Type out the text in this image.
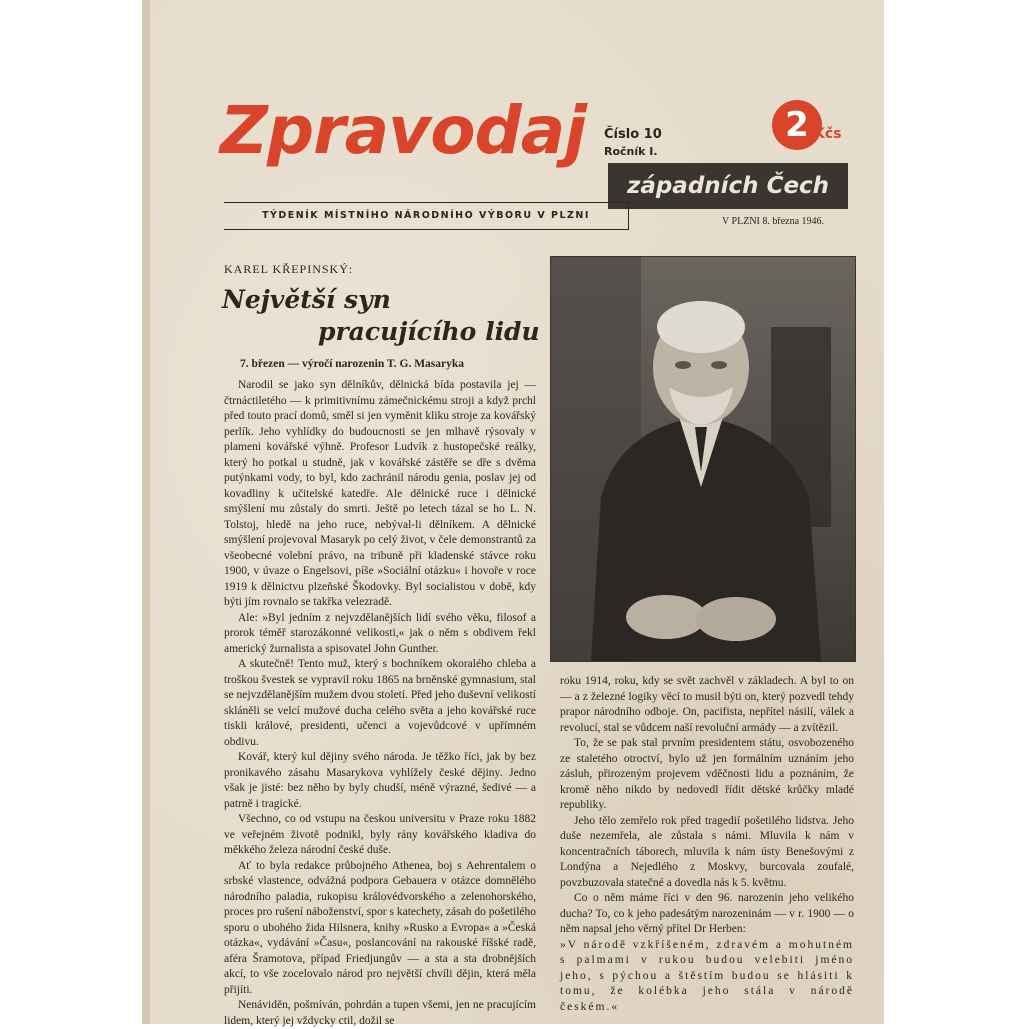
Zpravodaj Číslo 10
Ročník I.
2 Kčs
západních Čech
TÝDENÍK MÍSTNÍHO NÁRODNÍHO VÝBORU V PLZNI
V PLZNI 8. března 1946.
KAREL KŘEPINSKÝ:
Největší syn
pracujícího lidu
7. březen — výročí narozenin T. G. Masaryka

Narodil se jako syn dělníkův, dělnická bída postavila jej — čtrnáctiletého — k primitivnímu zámečnickému stroji a když prchl před touto prací domů, směl si jen vyměnit kliku stroje za kovářský perlík. Jeho vyhlídky do budoucnosti se jen mlhavě rýsovaly v plameni kovářské výhně. Profesor Ludvík z hustopečské reálky, který ho potkal u studně, jak v kovářské zástěře se dře s dvěma putýnkami vody, to byl, kdo zachránil národu genia, poslav jej od kovadliny k učitelské katedře. Ale dělnické ruce i dělnické smýšlení mu zůstaly do smrti. Ještě po letech tázal se ho L. N. Tolstoj, hledě na jeho ruce, nebýval-li dělníkem. A dělnické smýšlení projevoval Masaryk po celý život, v čele demonstrantů za všeobecné volební právo, na tribuně při kladenské stávce roku 1900, v úvaze o Engelsovi, píše »Sociální otázku« i hovoře v roce 1919 k dělnictvu plzeňské Škodovky. Byl socialistou v době, kdy býti jím rovnalo se takřka velezradě.

Ale: »Byl jedním z nejvzdělanějších lidí svého věku, filosof a prorok téměř starozákonné velikosti,« jak o něm s obdivem řekl americký žurnalista a spisovatel John Gunther.

A skutečně! Tento muž, který s bochníkem okoralého chleba a troškou švestek se vypravil roku 1865 na brněnské gymnasium, stal se nejvzdělanějším mužem dvou století. Před jeho duševní velikostí skláněli se velcí mužové ducha celého světa a jeho kovářské ruce tiskli králové, presidenti, učenci a vojevůdcové v upřímném obdivu.

Kovář, který kul dějiny svého národa. Je těžko říci, jak by bez pronikavého zásahu Masarykova vyhlížely české dějiny. Jedno však je jisté: bez něho by byly chudší, méně výrazné, šedivé — a patrně i tragické.

Všechno, co od vstupu na českou universitu v Praze roku 1882 ve veřejném životě podnikl, byly rány kovářského kladiva do měkkého železa národní české duše.

Ať to byla redakce průbojného Athenea, boj s Aehrentalem o srbské vlastence, odvážná podpora Gebauera v otázce domnělého národního paladia, rukopisu královédvorského a zelenohorského, proces pro rušení náboženství, spor s katechety, zásah do pošetilého sporu o ubohého žida Hilsnera, knihy »Rusko a Evropa« a »Česká otázka«, vydávání »Času«, poslancování na rakouské říšské radě, aféra Šramotova, případ Friedjungův — a sta a sta drobnějších akcí, to vše zocelovalo národ pro největší chvíli dějin, která měla přijíti.

Nenáviděn, pošmíván, pohrdán a tupen všemi, jen ne pracujícím lidem, který jej vždycky ctil, dožil se

roku 1914, roku, kdy se svět zachvěl v základech. A byl to on — a z železné logiky věcí to musil býti on, který pozvedl tehdy prapor národního odboje. On, pacifista, nepřítel násilí, válek a revolucí, stal se vůdcem naší revoluční armády — a zvítězil.

To, že se pak stal prvním presidentem státu, osvobozeného ze staletého otroctví, bylo už jen formálním uznáním jeho zásluh, přirozeným projevem vděčnosti lidu a poznáním, že kromě něho nikdo by nedovedl řídit dětské krůčky mladé republiky.

Jeho tělo zemřelo rok před tragedií pošetilého lidstva. Jeho duše nezemřela, ale zůstala s námi. Mluvila k nám v koncentračních táborech, mluvila k nám ústy Benešovými z Londýna a Nejedlého z Moskvy, burcovala zoufalé, povzbuzovala statečné a dovedla nás k 5. květnu.

Co o něm máme říci v den 96. narozenin jeho velikého ducha? To, co k jeho padesátým narozeninám — v r. 1900 — o něm napsal jeho věrný přítel Dr Herben:

»V národě vzkříšeném, zdravém a mohutném s palmami v rukou budou velebiti jméno jeho, s pýchou a štěstím budou se hlásiti k tomu, že kolébka jeho stála v národě českém.«
